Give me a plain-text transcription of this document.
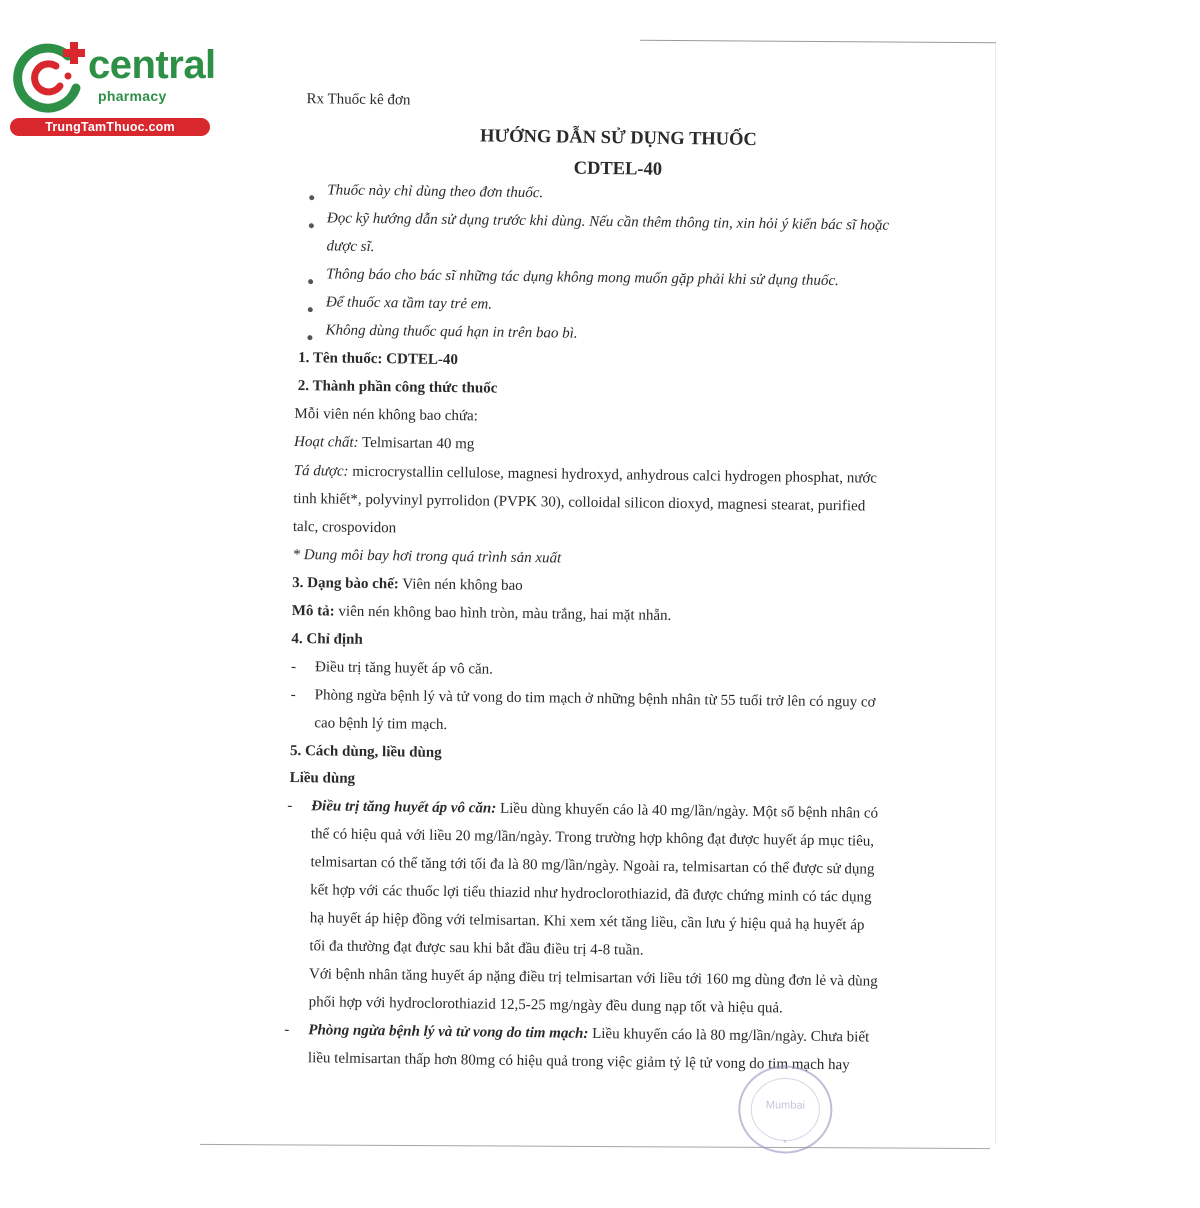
central
pharmacy
TrungTamThuoc.com
Rx Thuốc kê đơn
HƯỚNG DẪN SỬ DỤNG THUỐC
CDTEL-40
Thuốc này chỉ dùng theo đơn thuốc.
Đọc kỹ hướng dẫn sử dụng trước khi dùng. Nếu cần thêm thông tin, xin hỏi ý kiến bác sĩ hoặc
dược sĩ.
Thông báo cho bác sĩ những tác dụng không mong muốn gặp phải khi sử dụng thuốc.
Để thuốc xa tầm tay trẻ em.
Không dùng thuốc quá hạn in trên bao bì.
1. Tên thuốc: CDTEL-40
2. Thành phần công thức thuốc
Mỗi viên nén không bao chứa:
Hoạt chất: Telmisartan 40 mg
Tá dược: microcrystallin cellulose, magnesi hydroxyd, anhydrous calci hydrogen phosphat, nước
tinh khiết*, polyvinyl pyrrolidon (PVPK 30), colloidal silicon dioxyd, magnesi stearat, purified
talc, crospovidon
* Dung môi bay hơi trong quá trình sản xuất
3. Dạng bào chế: Viên nén không bao
Mô tả: viên nén không bao hình tròn, màu trắng, hai mặt nhẵn.
4. Chỉ định
- Điều trị tăng huyết áp vô căn.
- Phòng ngừa bệnh lý và tử vong do tim mạch ở những bệnh nhân từ 55 tuổi trở lên có nguy cơ
cao bệnh lý tim mạch.
5. Cách dùng, liều dùng
Liều dùng
- Điều trị tăng huyết áp vô căn: Liều dùng khuyến cáo là 40 mg/lần/ngày. Một số bệnh nhân có
thể có hiệu quả với liều 20 mg/lần/ngày. Trong trường hợp không đạt được huyết áp mục tiêu,
telmisartan có thể tăng tới tối đa là 80 mg/lần/ngày. Ngoài ra, telmisartan có thể được sử dụng
kết hợp với các thuốc lợi tiểu thiazid như hydroclorothiazid, đã được chứng minh có tác dụng
hạ huyết áp hiệp đồng với telmisartan. Khi xem xét tăng liều, cần lưu ý hiệu quả hạ huyết áp
tối đa thường đạt được sau khi bắt đầu điều trị 4-8 tuần.
Với bệnh nhân tăng huyết áp nặng điều trị telmisartan với liều tới 160 mg dùng đơn lẻ và dùng
phối hợp với hydroclorothiazid 12,5-25 mg/ngày đều dung nạp tốt và hiệu quả.
- Phòng ngừa bệnh lý và tử vong do tim mạch: Liều khuyến cáo là 80 mg/lần/ngày. Chưa biết
liều telmisartan thấp hơn 80mg có hiệu quả trong việc giảm tỷ lệ tử vong do tim mạch hay
Mumbai
*
